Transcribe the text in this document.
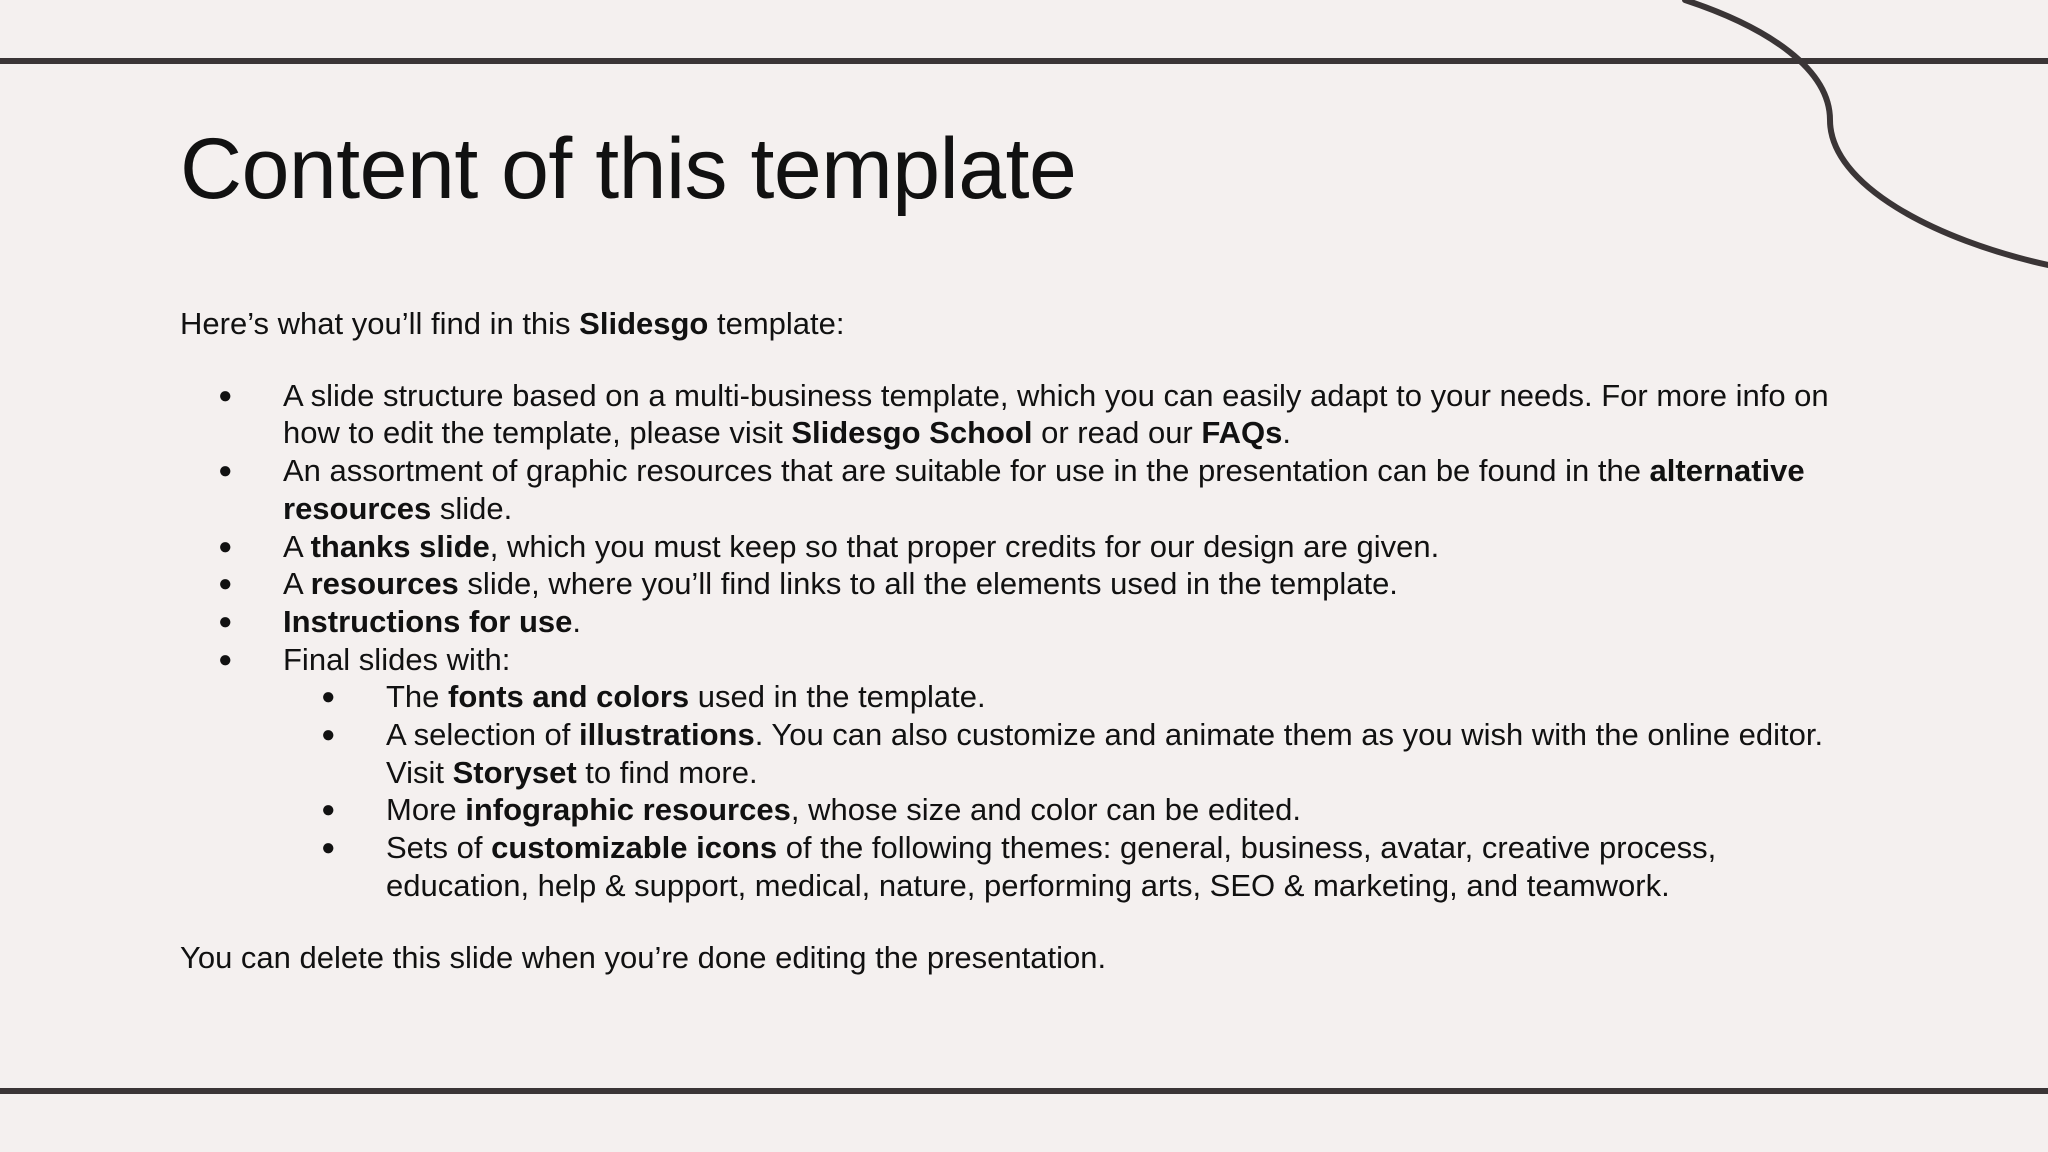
Content of this template

Here’s what you’ll find in this Slidesgo template:

● A slide structure based on a multi-business template, which you can easily adapt to your needs. For more info on how to edit the template, please visit Slidesgo School or read our FAQs.
● An assortment of graphic resources that are suitable for use in the presentation can be found in the alternative resources slide.
● A thanks slide, which you must keep so that proper credits for our design are given.
● A resources slide, where you’ll find links to all the elements used in the template.
● Instructions for use.
● Final slides with:
● The fonts and colors used in the template.
● A selection of illustrations. You can also customize and animate them as you wish with the online editor. Visit Storyset to find more.
● More infographic resources, whose size and color can be edited.
● Sets of customizable icons of the following themes: general, business, avatar, creative process, education, help & support, medical, nature, performing arts, SEO & marketing, and teamwork.

You can delete this slide when you’re done editing the presentation.
